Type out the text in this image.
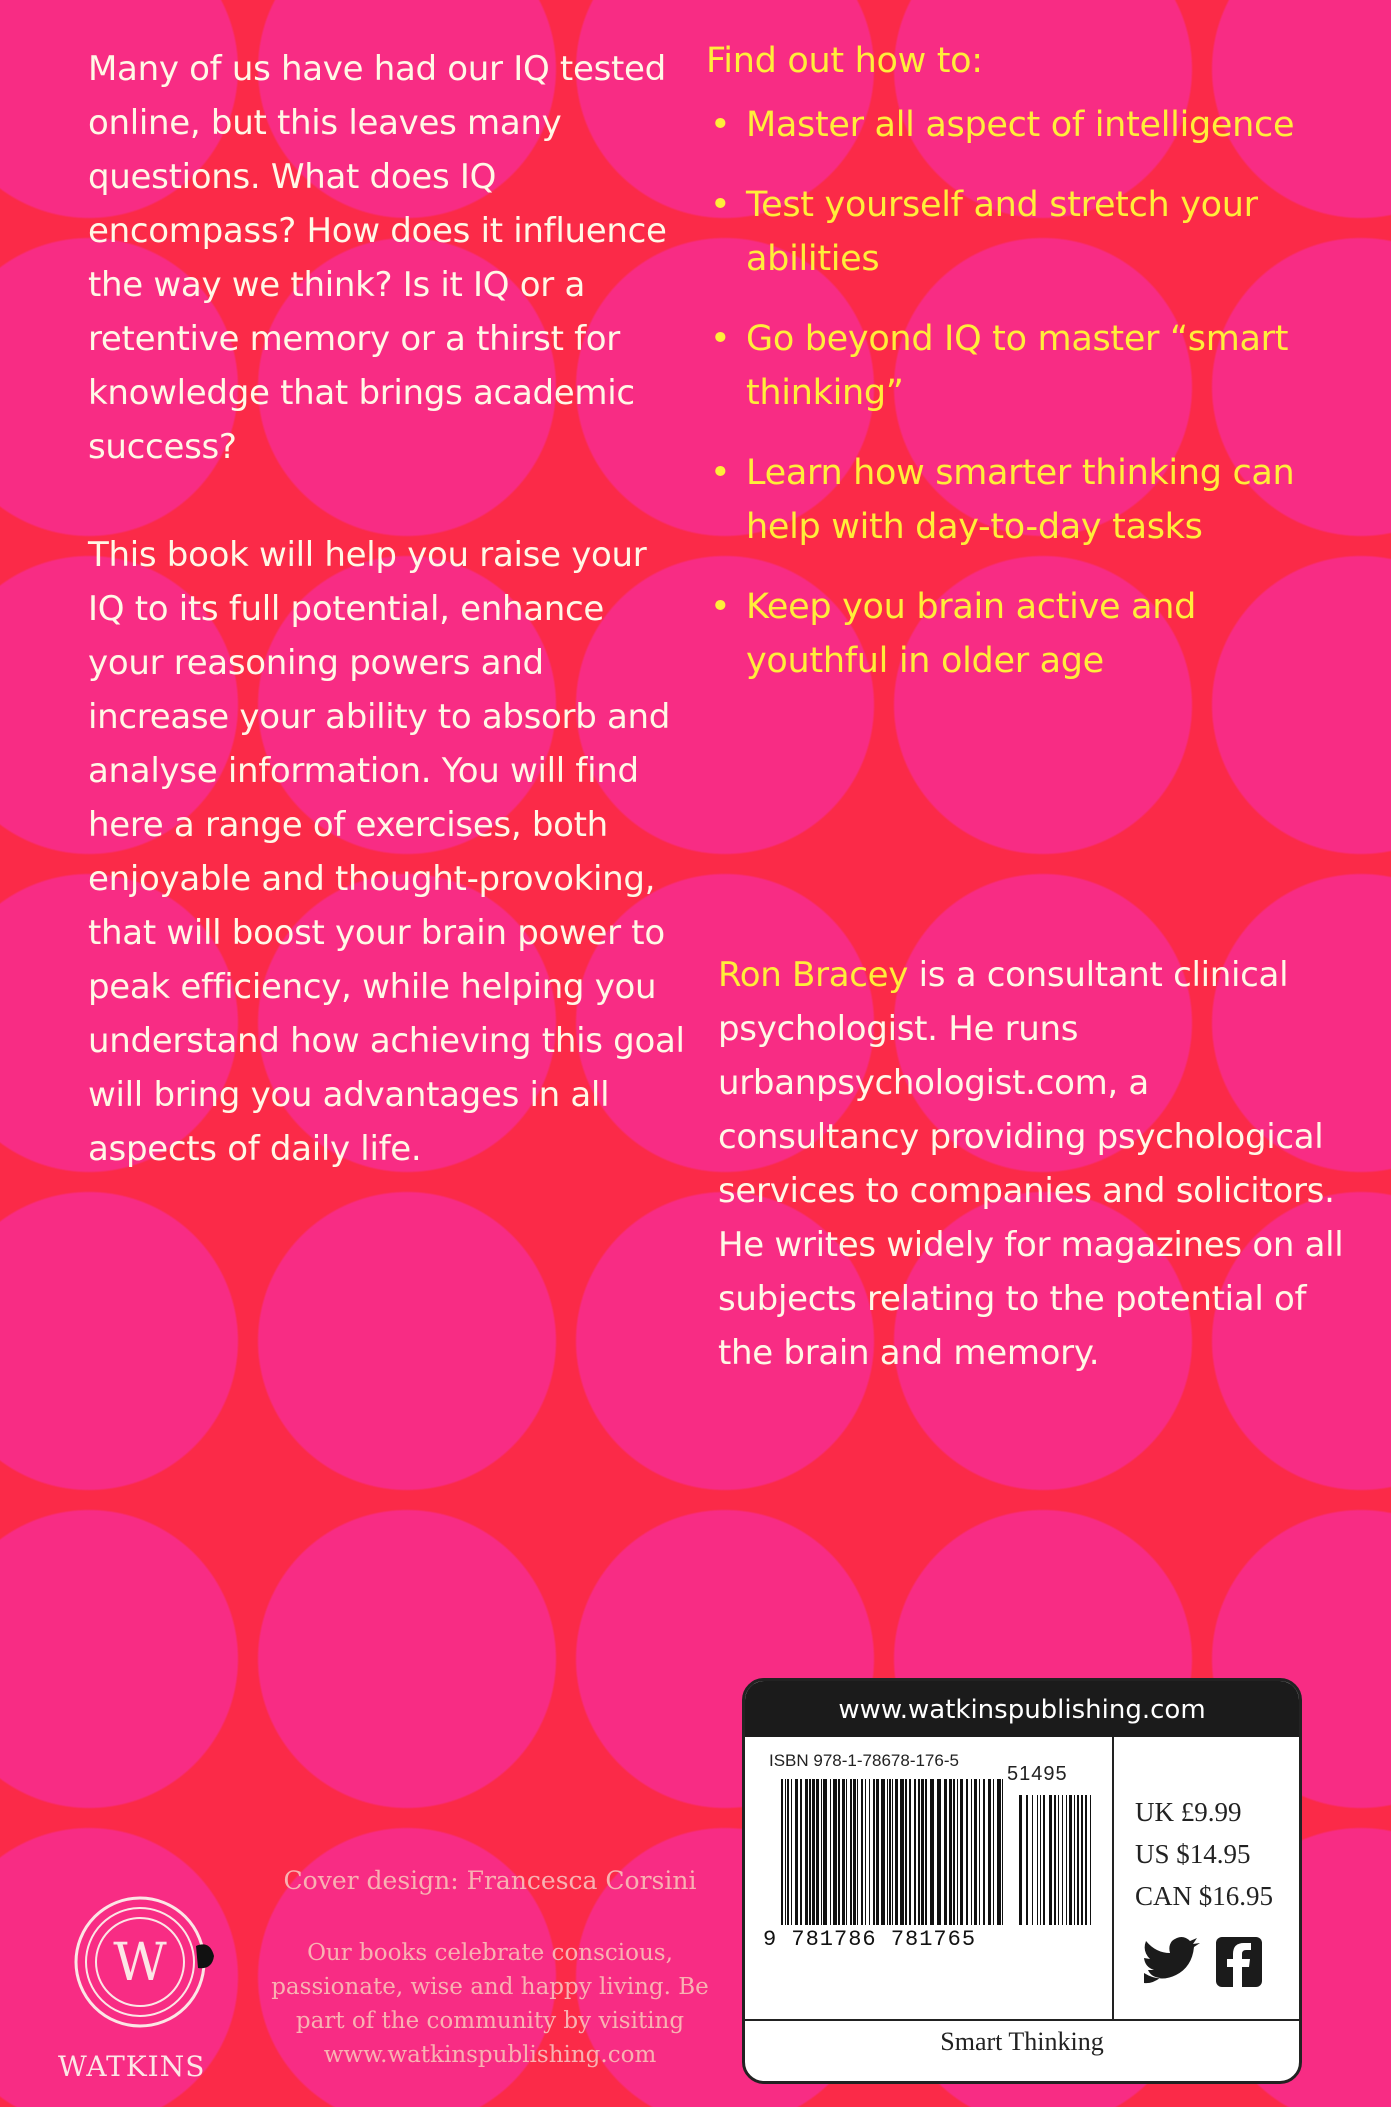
Many of us have had our IQ tested online, but this leaves many questions. What does IQ encompass? How does it influence the way we think? Is it IQ or a retentive memory or a thirst for knowledge that brings academic success?

This book will help you raise your IQ to its full potential, enhance your reasoning powers and increase your ability to absorb and analyse information. You will find here a range of exercises, both enjoyable and thought-provoking, that will boost your brain power to peak efficiency, while helping you understand how achieving this goal will bring you advantages in all aspects of daily life.

Find out how to:

• Master all aspect of intelligence
• Test yourself and stretch your abilities
• Go beyond IQ to master “smart thinking”
• Learn how smarter thinking can help with day-to-day tasks
• Keep you brain active and youthful in older age

Ron Bracey is a consultant clinical psychologist. He runs urbanpsychologist.com, a consultancy providing psychological services to companies and solicitors. He writes widely for magazines on all subjects relating to the potential of the brain and memory.

Cover design: Francesca Corsini
Our books celebrate conscious, passionate, wise and happy living. Be part of the community by visiting www.watkinspublishing.com
W
WATKINS
www.watkinspublishing.com
ISBN 978-1-78678-176-5
51495
9 781786 781765
UK £9.99
US $14.95
CAN $16.95
Smart Thinking
